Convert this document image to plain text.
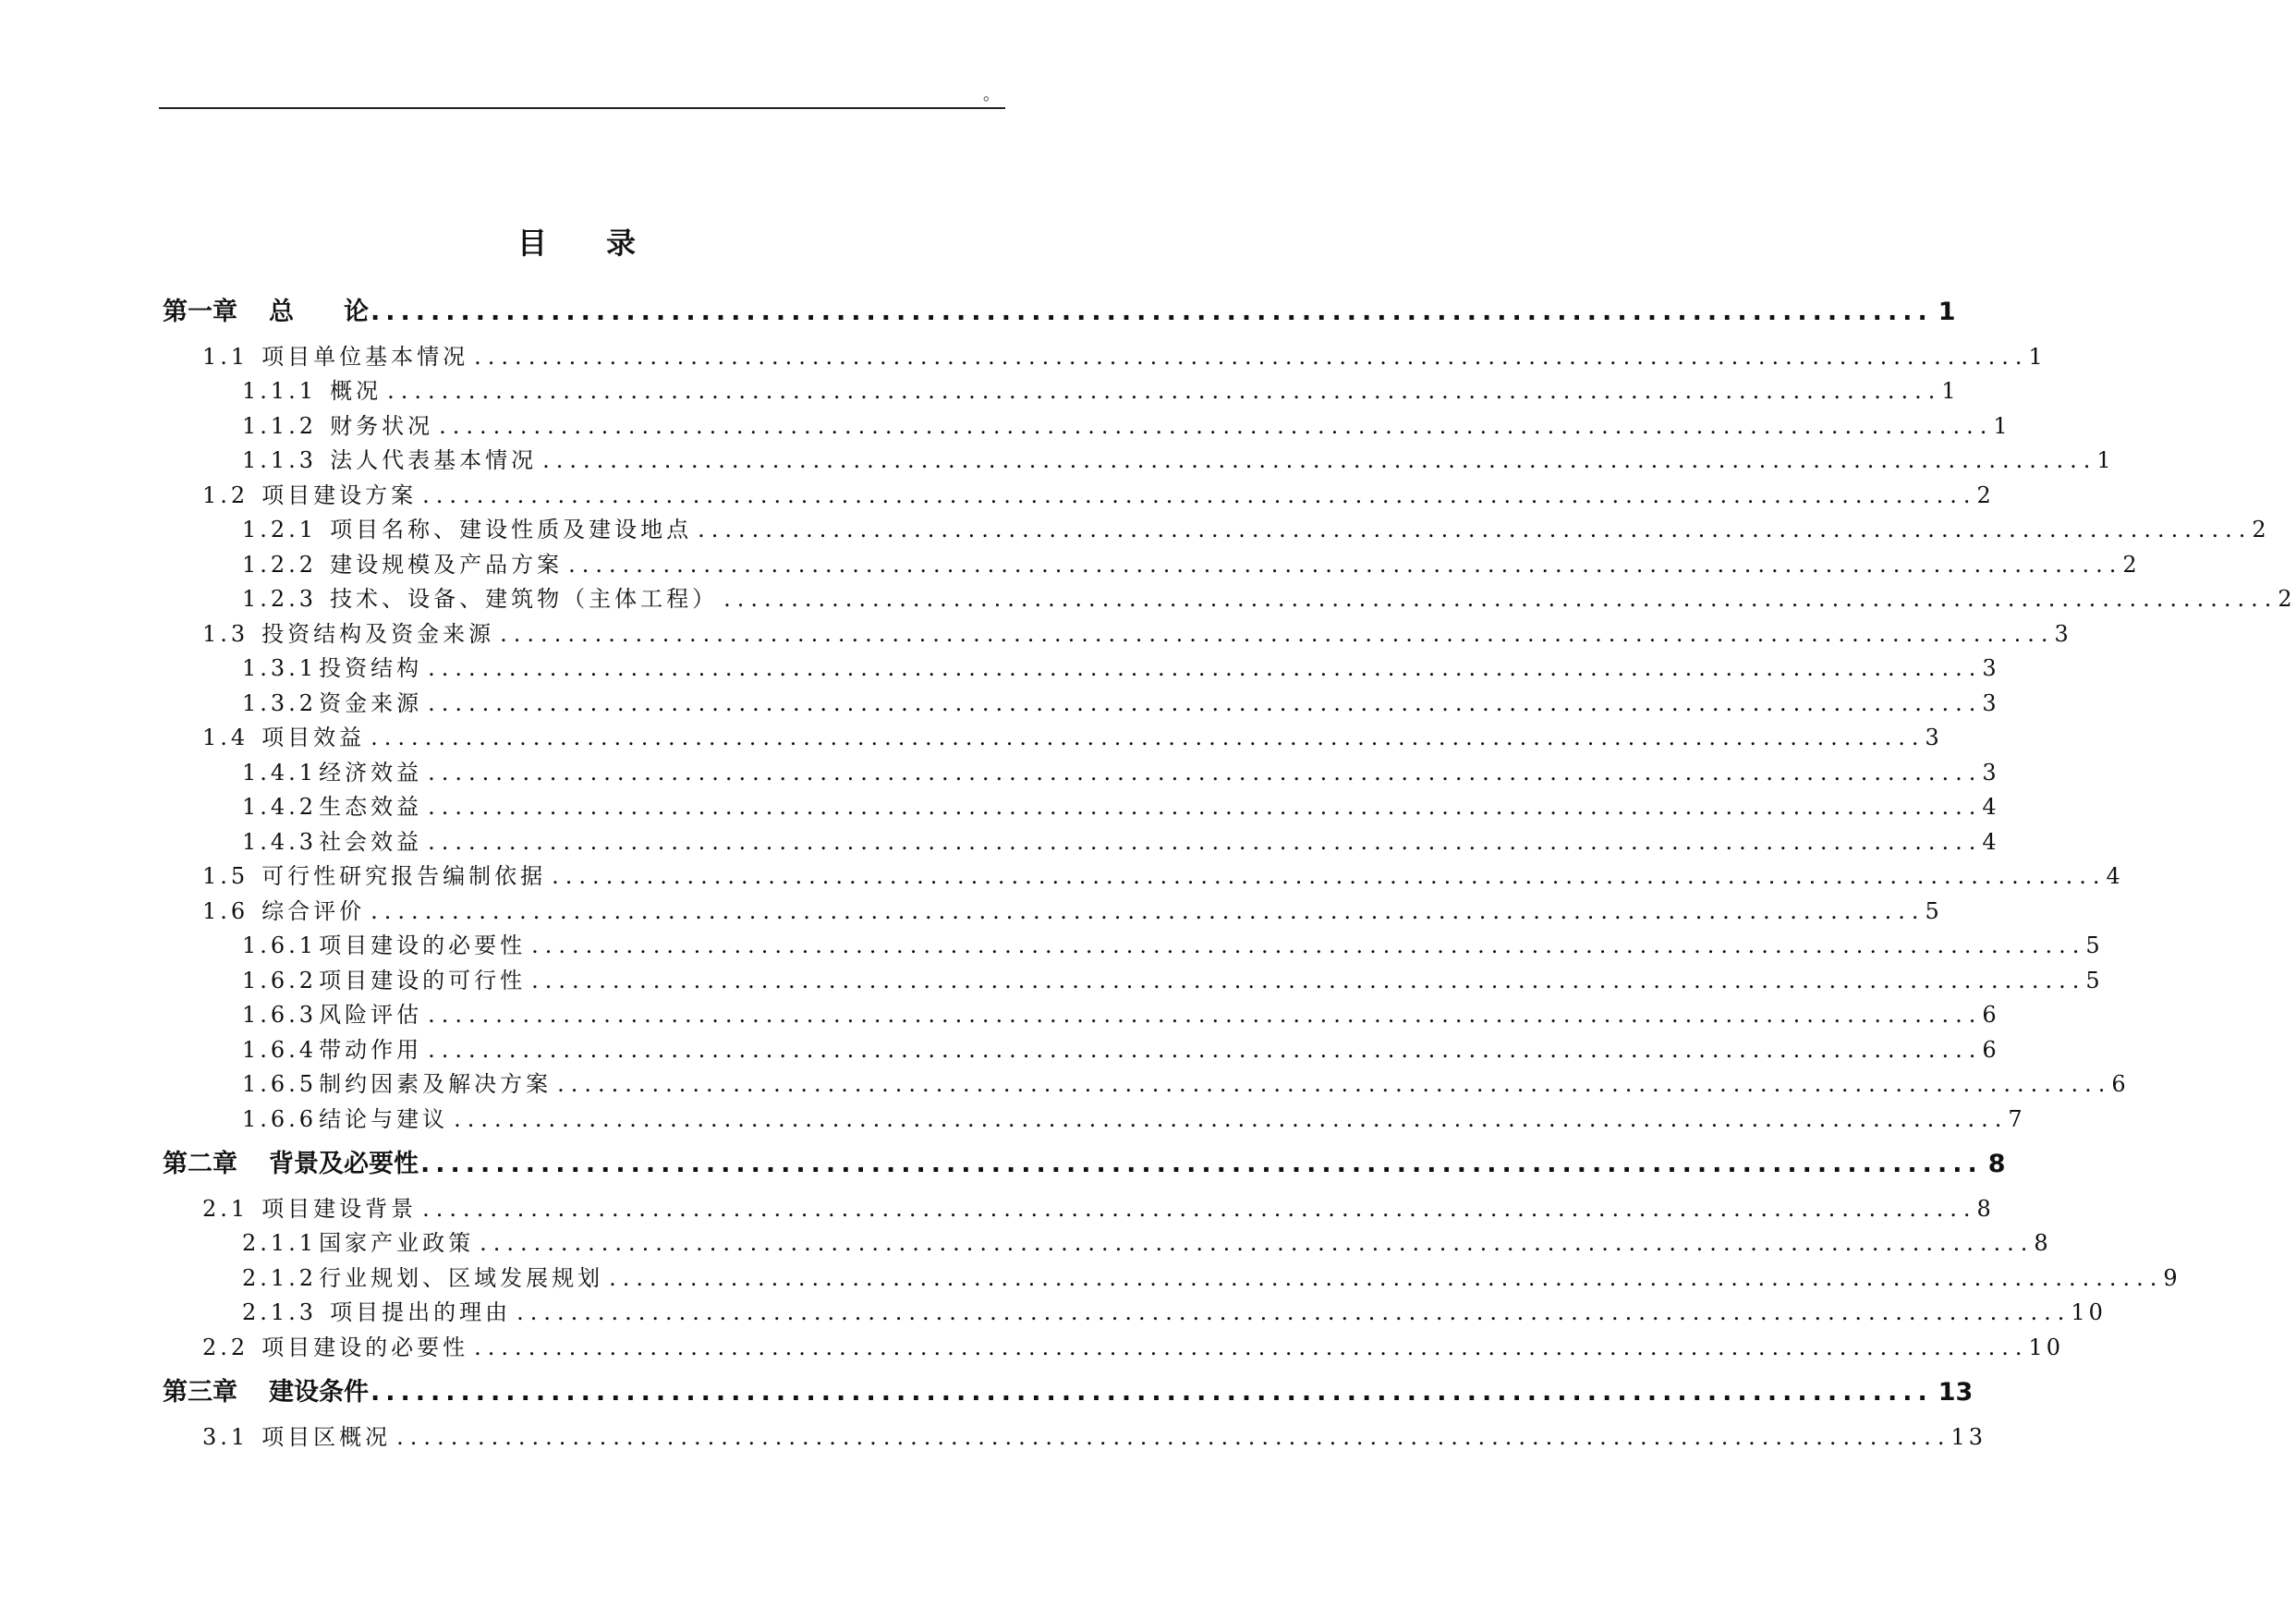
。
目 录
第一章 总　　论 ........................................................................................................ 1
1.1 项目单位基本情况 ................................................................................................................... 1
1.1.1 概况 ................................................................................................................... 1
1.1.2 财务状况 ................................................................................................................... 1
1.1.3 法人代表基本情况 ................................................................................................................... 1
1.2 项目建设方案 ................................................................................................................... 2
1.2.1 项目名称、建设性质及建设地点 ................................................................................................................... 2
1.2.2 建设规模及产品方案 ................................................................................................................... 2
1.2.3 技术、设备、建筑物（主体工程） ................................................................................................................... 2
1.3 投资结构及资金来源 ................................................................................................................... 3
1.3.1投资结构 ................................................................................................................... 3
1.3.2资金来源 ................................................................................................................... 3
1.4 项目效益 ................................................................................................................... 3
1.4.1经济效益 ................................................................................................................... 3
1.4.2生态效益 ................................................................................................................... 4
1.4.3社会效益 ................................................................................................................... 4
1.5 可行性研究报告编制依据 ................................................................................................................... 4
1.6 综合评价 ................................................................................................................... 5
1.6.1项目建设的必要性 ................................................................................................................... 5
1.6.2项目建设的可行性 ................................................................................................................... 5
1.6.3风险评估 ................................................................................................................... 6
1.6.4带动作用 ................................................................................................................... 6
1.6.5制约因素及解决方案 ................................................................................................................... 6
1.6.6结论与建议 ................................................................................................................... 7
第二章 背景及必要性 ........................................................................................................ 8
2.1 项目建设背景 ................................................................................................................... 8
2.1.1国家产业政策 ................................................................................................................... 8
2.1.2行业规划、区域发展规划 ................................................................................................................... 9
2.1.3 项目提出的理由 ................................................................................................................... 10
2.2 项目建设的必要性 ................................................................................................................... 10
第三章 建设条件 ........................................................................................................ 13
3.1 项目区概况 ................................................................................................................... 13
